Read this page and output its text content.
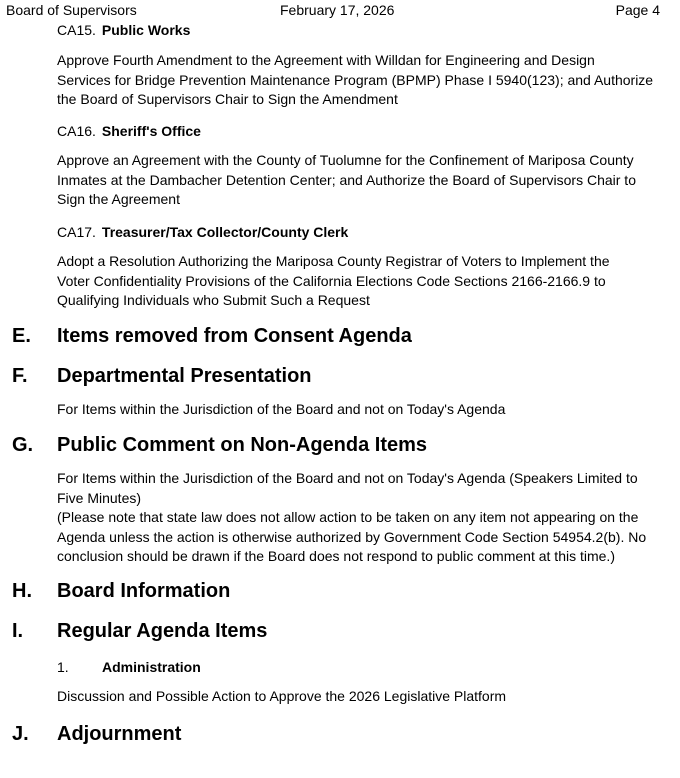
Board of Supervisors	February 17, 2026	Page 4
CA15. Public Works
Approve Fourth Amendment to the Agreement with Willdan for Engineering and Design
Services for Bridge Prevention Maintenance Program (BPMP) Phase I 5940(123); and Authorize
the Board of Supervisors Chair to Sign the Amendment
CA16. Sheriff's Office
Approve an Agreement with the County of Tuolumne for the Confinement of Mariposa County
Inmates at the Dambacher Detention Center; and Authorize the Board of Supervisors Chair to
Sign the Agreement
CA17. Treasurer/Tax Collector/County Clerk
Adopt a Resolution Authorizing the Mariposa County Registrar of Voters to Implement the
Voter Confidentiality Provisions of the California Elections Code Sections 2166-2166.9 to
Qualifying Individuals who Submit Such a Request
E. Items removed from Consent Agenda
F. Departmental Presentation
For Items within the Jurisdiction of the Board and not on Today's Agenda
G. Public Comment on Non-Agenda Items
For Items within the Jurisdiction of the Board and not on Today's Agenda (Speakers Limited to
Five Minutes)
(Please note that state law does not allow action to be taken on any item not appearing on the
Agenda unless the action is otherwise authorized by Government Code Section 54954.2(b). No
conclusion should be drawn if the Board does not respond to public comment at this time.)
H. Board Information
I. Regular Agenda Items
1. Administration
Discussion and Possible Action to Approve the 2026 Legislative Platform
J. Adjournment
